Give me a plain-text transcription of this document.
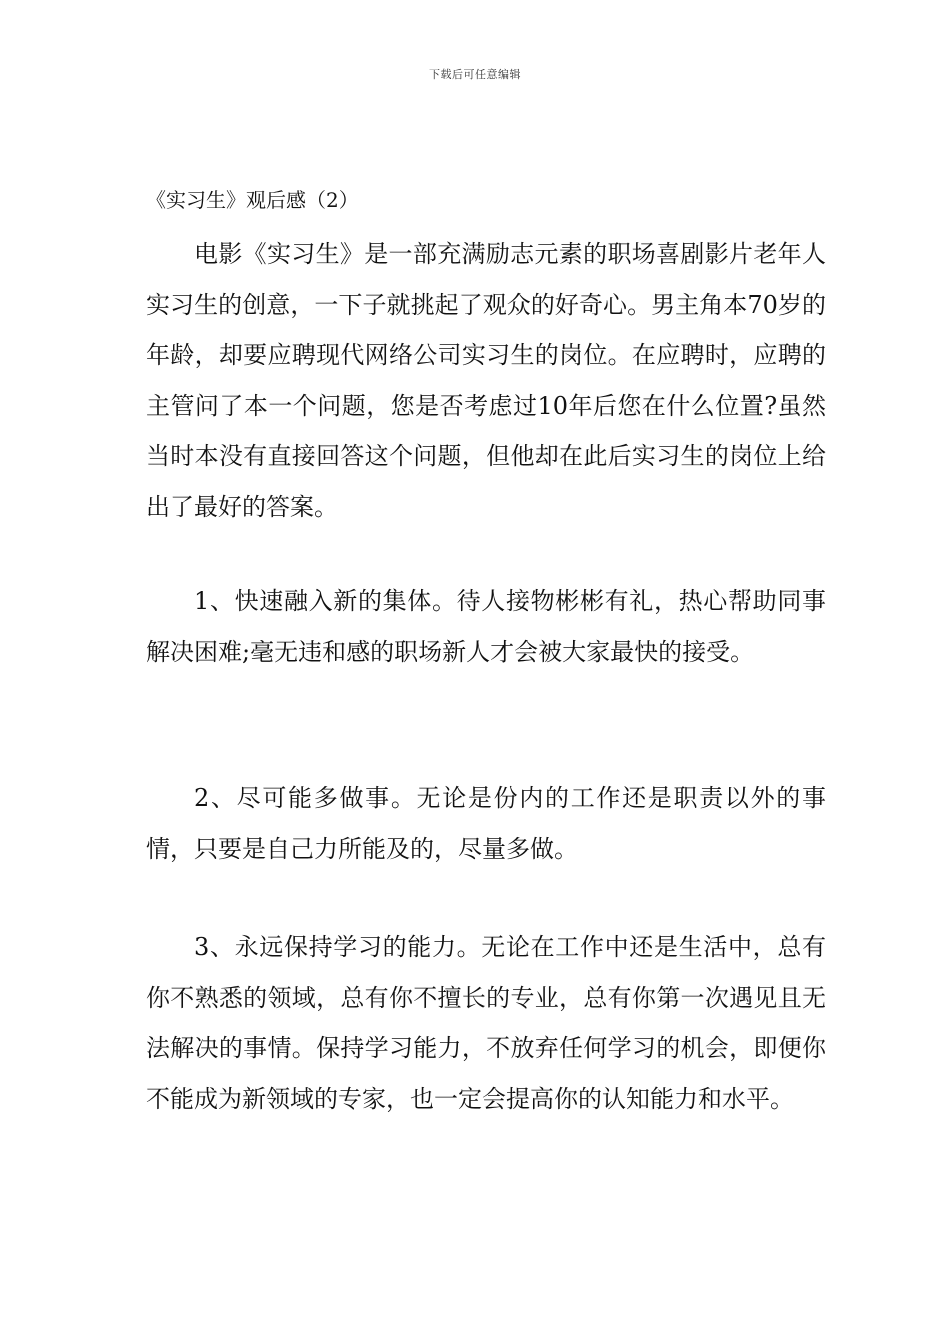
下载后可任意编辑
《实习生》观后感（2）

电影《实习生》是一部充满励志元素的职场喜剧影片老年人实习生的创意，一下子就挑起了观众的好奇心。男主角本70岁的年龄，却要应聘现代网络公司实习生的岗位。在应聘时，应聘的主管问了本一个问题，您是否考虑过10年后您在什么位置?虽然当时本没有直接回答这个问题，但他却在此后实习生的岗位上给出了最好的答案。

1、快速融入新的集体。待人接物彬彬有礼，热心帮助同事解决困难;毫无违和感的职场新人才会被大家最快的接受。

2、尽可能多做事。无论是份内的工作还是职责以外的事情，只要是自己力所能及的，尽量多做。

3、永远保持学习的能力。无论在工作中还是生活中，总有你不熟悉的领域，总有你不擅长的专业，总有你第一次遇见且无法解决的事情。保持学习能力，不放弃任何学习的机会，即便你不能成为新领域的专家，也一定会提高你的认知能力和水平。
